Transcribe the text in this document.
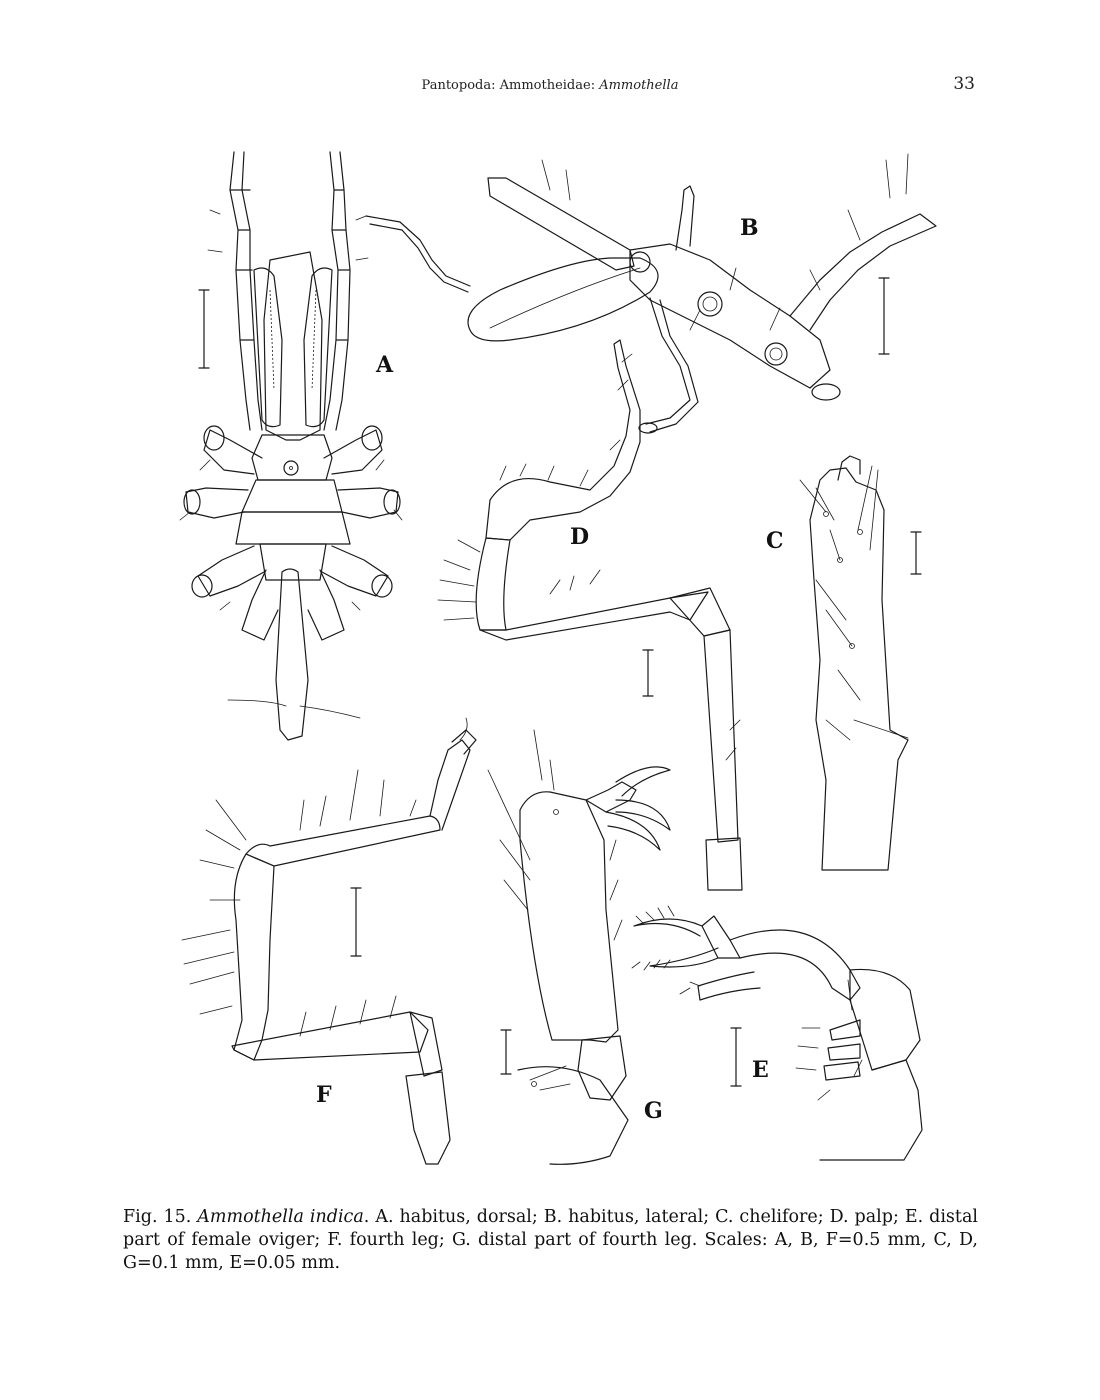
Pantopoda: Ammotheidae: Ammothella	33
B
A
C
D
F
G
E
Fig. 15. Ammothella indica. A. habitus, dorsal; B. habitus, lateral; C. chelifore; D. palp; E. distal part of female oviger; F. fourth leg; G. distal part of fourth leg. Scales: A, B, F=0.5 mm, C, D, G=0.1 mm, E=0.05 mm.
